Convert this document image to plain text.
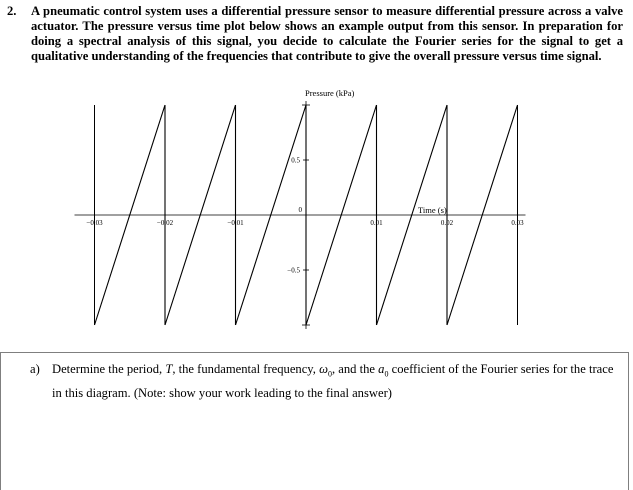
2.	A pneumatic control system uses a differential pressure sensor to measure differential pressure across a valve actuator. The pressure versus time plot below shows an example output from this sensor. In preparation for doing a spectral analysis of this signal, you decide to calculate the Fourier series for the signal to get a qualitative understanding of the frequencies that contribute to give the overall pressure versus time signal.
Pressure (kPa)
Time (s)
−0.03	−0.02	−0.01
0
0.01	0.02	0.03
−0.5
0.5
a) Determine the period, T, the fundamental frequency, $\omega_0$, and the $a_0$ coefficient of the Fourier series for the trace in this diagram. (Note: show your work leading to the final answer)
